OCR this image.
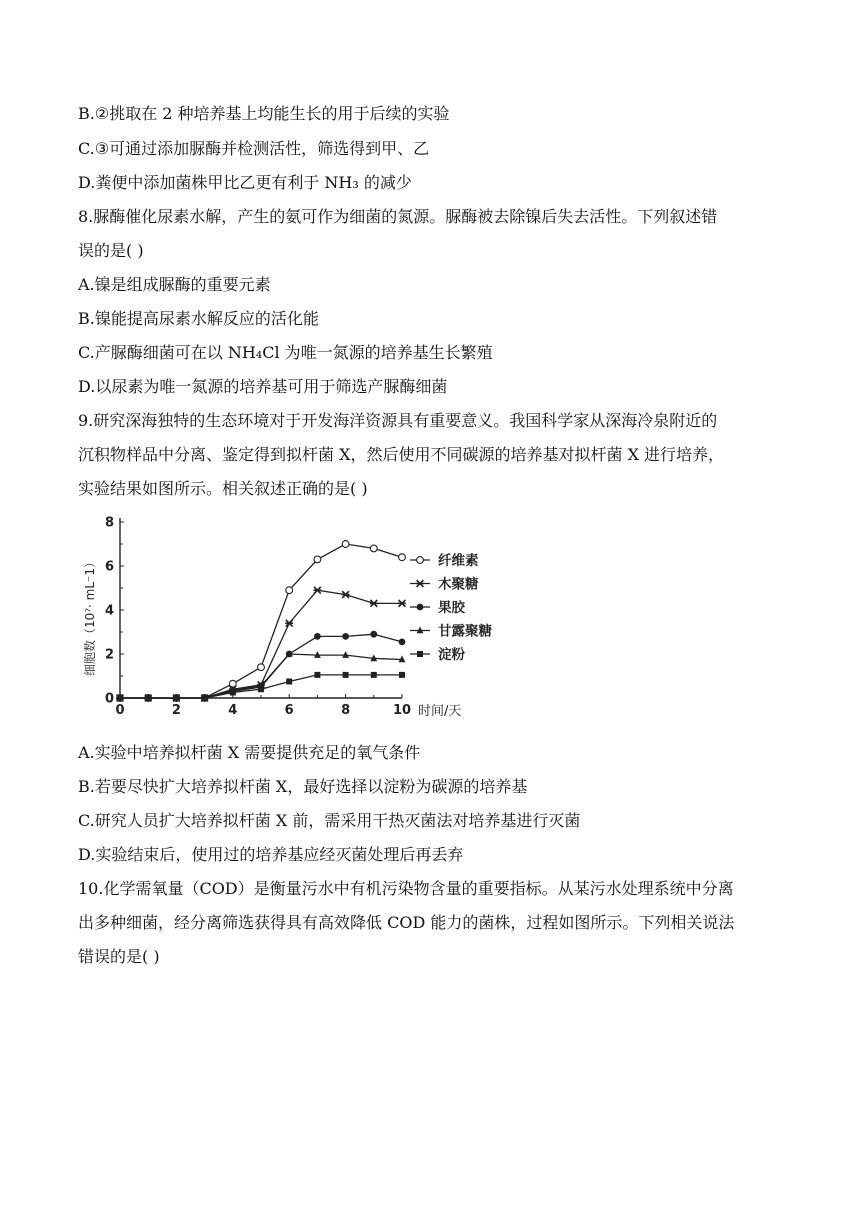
B.②挑取在 2 种培养基上均能生长的用于后续的实验
C.③可通过添加脲酶并检测活性，筛选得到甲、乙
D.粪便中添加菌株甲比乙更有利于 NH₃ 的减少
8.脲酶催化尿素水解，产生的氨可作为细菌的氮源。脲酶被去除镍后失去活性。下列叙述错
误的是( )
A.镍是组成脲酶的重要元素
B.镍能提高尿素水解反应的活化能
C.产脲酶细菌可在以 NH₄Cl 为唯一氮源的培养基生长繁殖
D.以尿素为唯一氮源的培养基可用于筛选产脲酶细菌
9.研究深海独特的生态环境对于开发海洋资源具有重要意义。我国科学家从深海冷泉附近的
沉积物样品中分离、鉴定得到拟杆菌 X，然后使用不同碳源的培养基对拟杆菌 X 进行培养，
实验结果如图所示。相关叙述正确的是( )
0	2	4	6	8	10
0
2
4
6
8
时间/天
细胞数（10⁷· mL⁻1）	纤维素
木聚糖
果胶
甘露聚糖
淀粉
A.实验中培养拟杆菌 X 需要提供充足的氧气条件
B.若要尽快扩大培养拟杆菌 X，最好选择以淀粉为碳源的培养基
C.研究人员扩大培养拟杆菌 X 前，需采用干热灭菌法对培养基进行灭菌
D.实验结束后，使用过的培养基应经灭菌处理后再丢弃
10.化学需氧量（COD）是衡量污水中有机污染物含量的重要指标。从某污水处理系统中分离
出多种细菌，经分离筛选获得具有高效降低 COD 能力的菌株，过程如图所示。下列相关说法
错误的是( )
